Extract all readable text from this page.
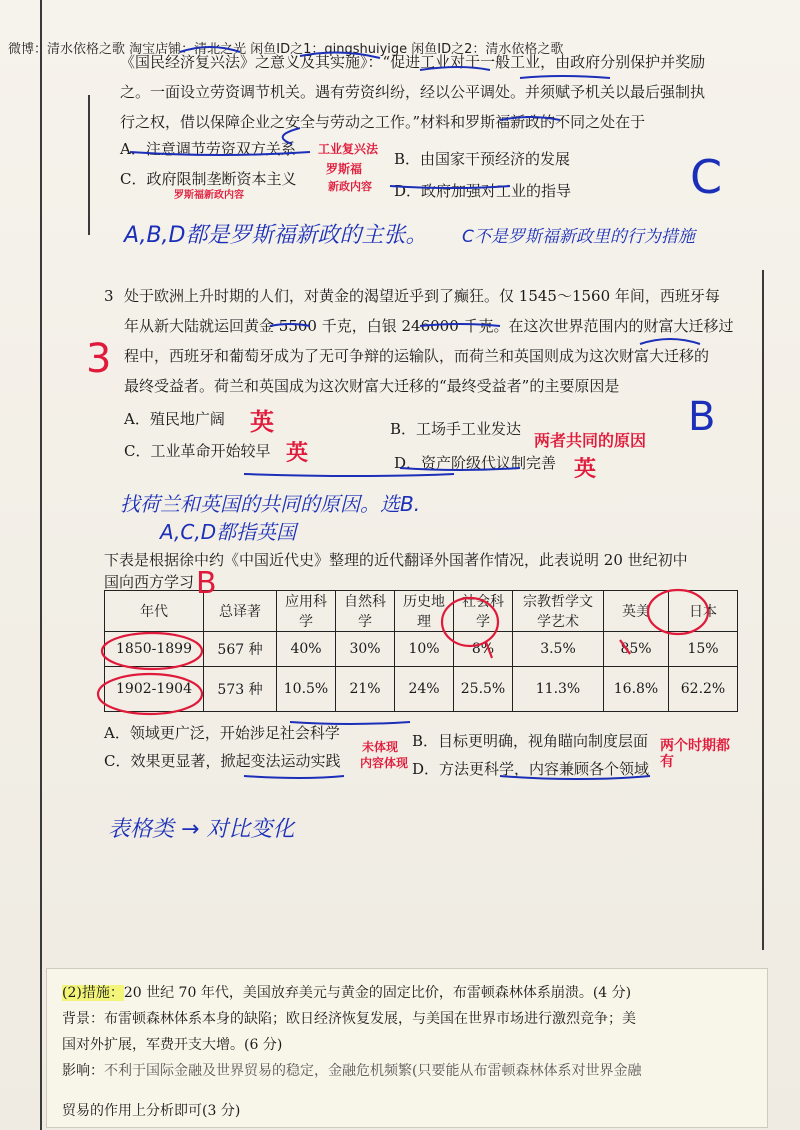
微博：清水依格之歌 淘宝店铺：清北之光 闲鱼ID之1：qingshuiyige 闲鱼ID之2：清水依格之歌
《国民经济复兴法》之意义及其实施》：“促进工业对于一般工业，由政府分别保护并奖励
之。一面设立劳资调节机关。遇有劳资纠纷，经以公平调处。并须赋予机关以最后强制执
行之权，借以保障企业之安全与劳动之工作。”材料和罗斯福新政的不同之处在于
A．注意调节劳资双方关系
B．由国家干预经济的发展
C．政府限制垄断资本主义
D．政府加强对工业的指导
工业复兴法
罗斯福
新政内容
罗斯福新政内容	C
A,B,D都是罗斯福新政的主张。 C不是罗斯福新政里的行为措施
3 处于欧洲上升时期的人们，对黄金的渴望近乎到了癫狂。仅 1545～1560 年间，西班牙每
年从新大陆就运回黄金 5500 千克，白银 246000 千克。在这次世界范围内的财富大迁移过
程中，西班牙和葡萄牙成为了无可争辩的运输队，而荷兰和英国则成为这次财富大迁移的
最终受益者。荷兰和英国成为这次财富大迁移的“最终受益者”的主要原因是
A．殖民地广阔
B．工场手工业发达
C．工业革命开始较早
D．资产阶级代议制完善
英
两者共同的原因
英
英
3
B
找荷兰和英国的共同的原因。选B.
A,C,D都指英国
下表是根据徐中约《中国近代史》整理的近代翻译外国著作情况，此表说明 20 世纪初中
国向西方学习
年代	总译著	应用科学	自然科学	历史地理	社会科学	宗教哲学文学艺术	英美	日本
1850-1899	567 种	40%	30%	10%	8%	3.5%	85%	15%
1902-1904	573 种	10.5%	21%	24%	25.5%	11.3%	16.8%	62.2%
A．领域更广泛，开始涉足社会科学	B．目标更明确，视角瞄向制度层面
C．效果更显著，掀起变法运动实践	D．方法更科学，内容兼顾各个领域
B
未体现
内容体现
两个时期都有
表格类 → 对比变化
(2)措施：20 世纪 70 年代，美国放弃美元与黄金的固定比价，布雷顿森林体系崩溃。(4 分)
背景：布雷顿森林体系本身的缺陷；欧日经济恢复发展，与美国在世界市场进行激烈竞争；美
国对外扩展，军费开支大增。(6 分)
影响：不利于国际金融及世界贸易的稳定，金融危机频繁(只要能从布雷顿森林体系对世界金融
贸易的作用上分析即可(3 分)
